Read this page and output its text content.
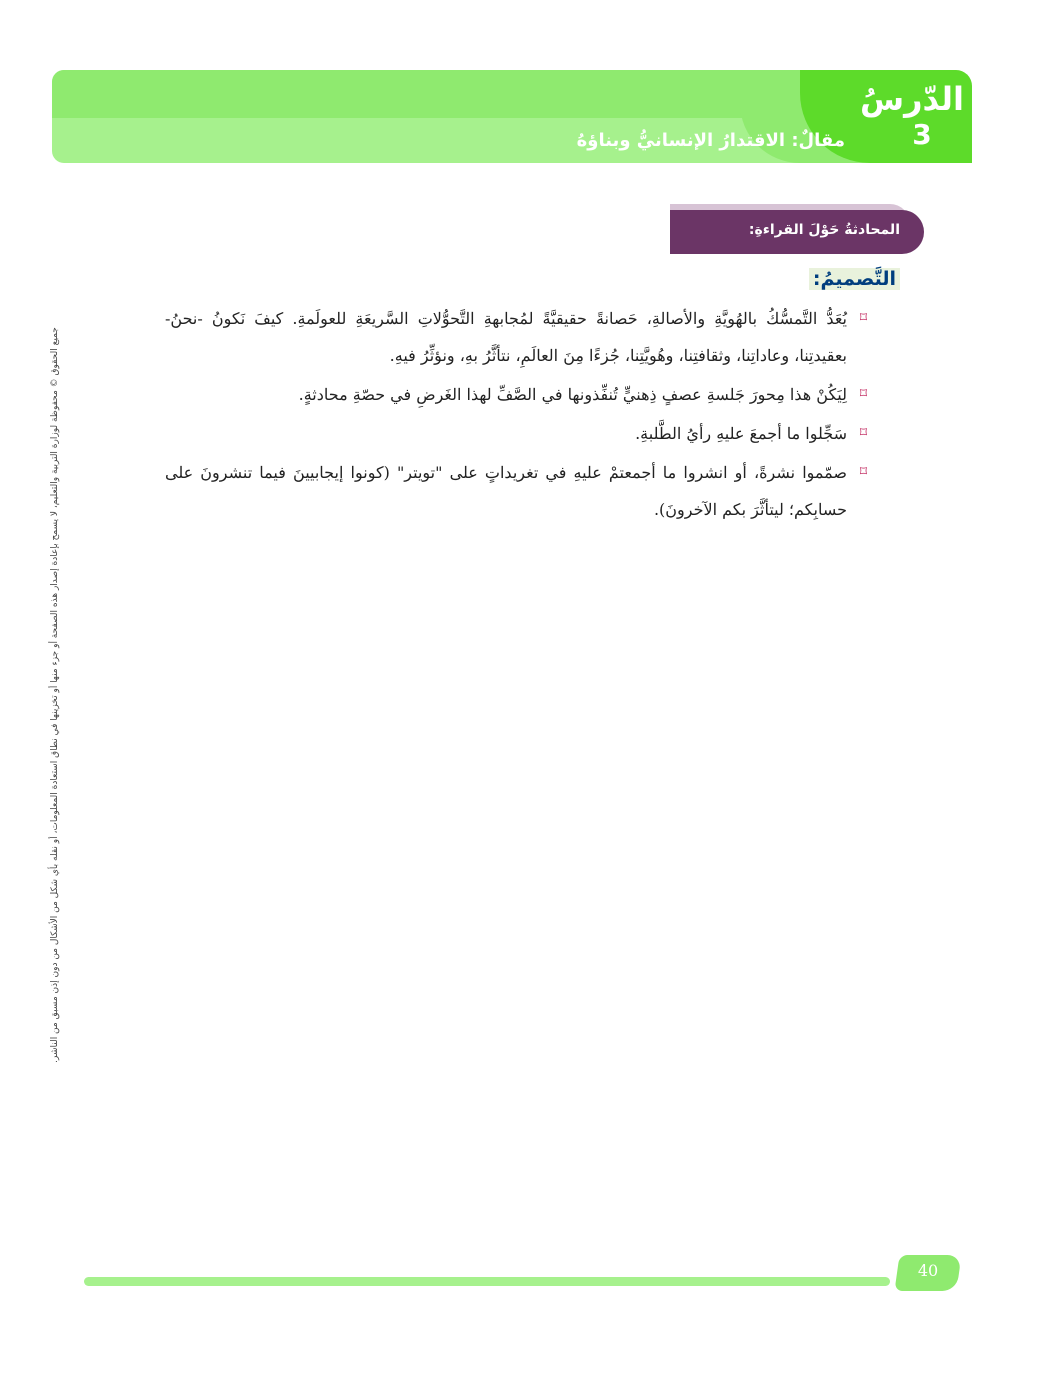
الدّرسُ
3
مقالٌ: الاقتدارُ الإنسانيُّ وبناؤهُ
المحادثةُ حَوْلَ القراءةِ:
التَّصميمُ:
⌑
يُعَدُّ التَّمسُّكُ بالهُويَّةِ والأصالةِ، حَصانةً حقيقيَّةً لمُجابهةِ التَّحوُّلاتِ السَّريعَةِ للعولَمةِ. كيفَ نَكونُ -نحنُ- بعقيدتِنا، وعاداتِنا، وثقافتِنا، وهُويَّتِنا، جُزءًا مِنَ العالَمِ، نتأثَّرُ بهِ، ونؤثِّرُ فيهِ.
⌑
لِيَكُنْ هذا مِحورَ جَلسةِ عصفٍ ذِهنيٍّ تُنفِّذونها في الصَّفِّ لهذا الغَرضِ في حصّةِ محادثةٍ.
⌑
سَجِّلوا ما أجمعَ عليهِ رأيُ الطَّلبةِ.
⌑
صمّموا نشرةً، أو انشروا ما أجمعتمْ عليهِ في تغريداتٍ على "تويتر" (كونوا إيجابيينَ فيما تنشرونَ على حسابِكم؛ ليتأثَّرَ بكم الآخرونَ).
جميع الحقوق © محفوظة لوزارة التربية والتعليم، لا يسمح بإعادة إصدار هذه الصفحة أو جزء منها أو تخزينها في نطاق استعادة المعلومات، أو نقله بأي شكل من الأشكال من دون إذن مسبق من الناشر.
40
